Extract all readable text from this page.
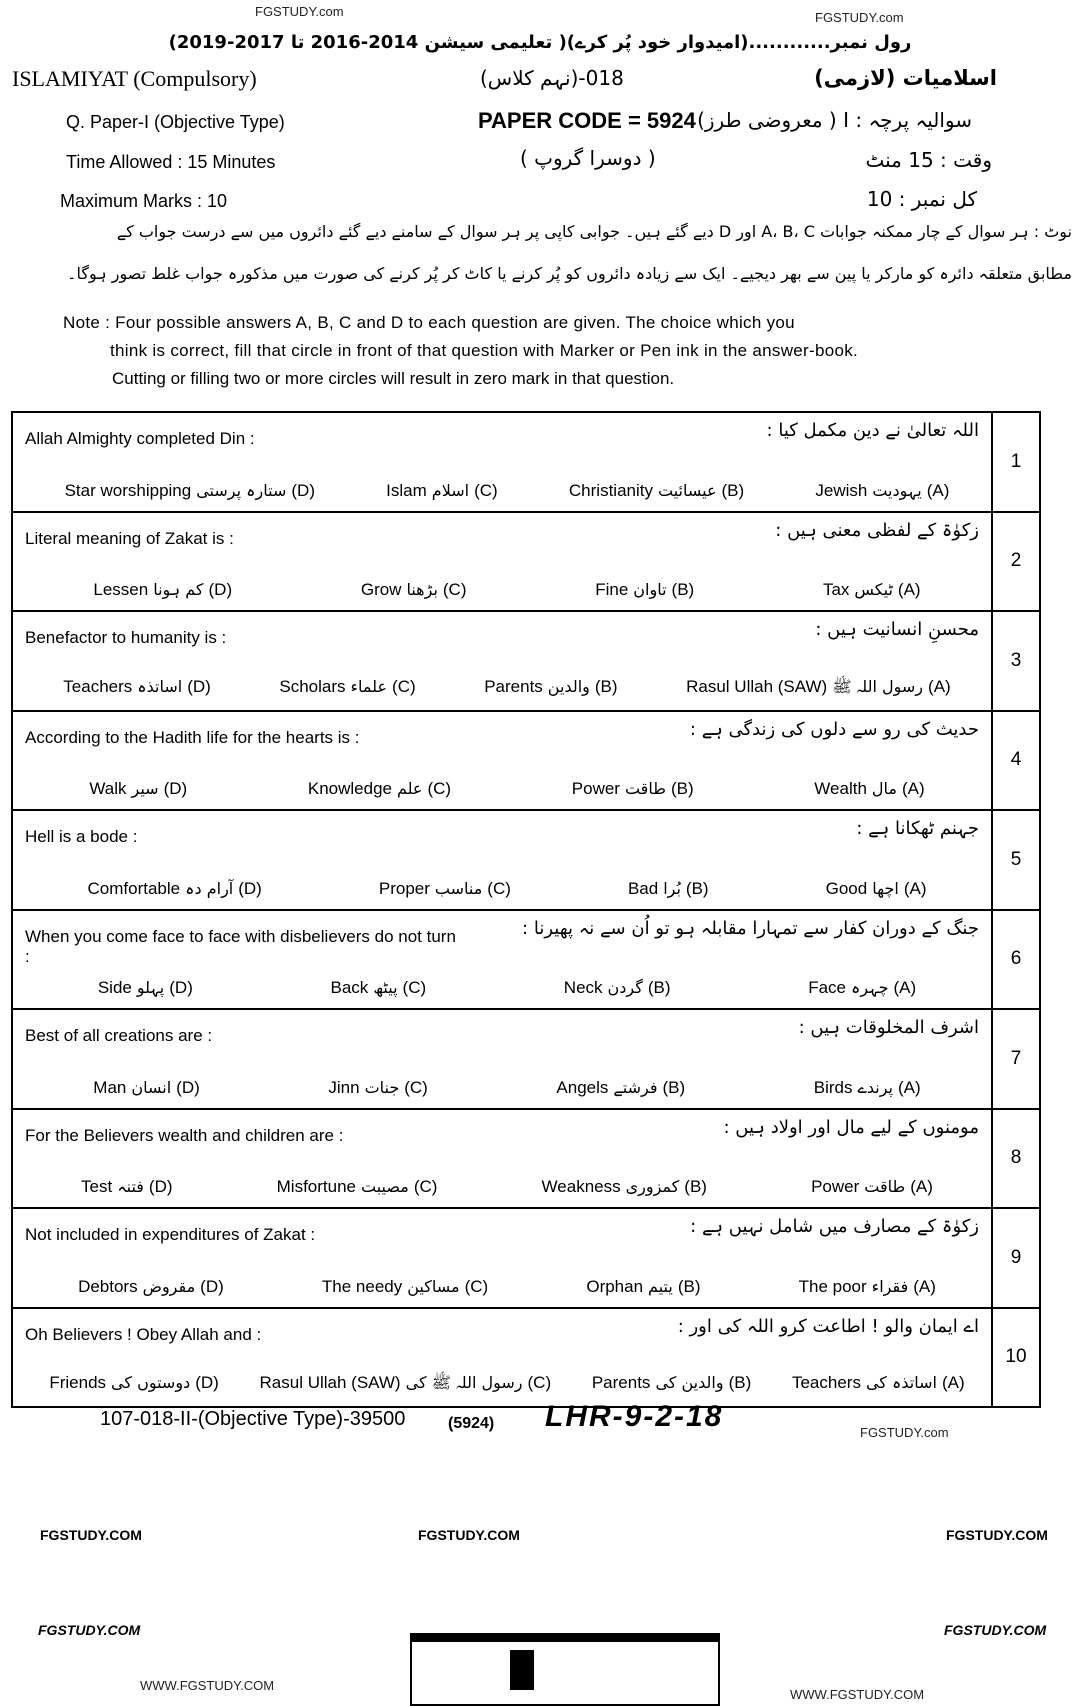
FGSTUDY.com	FGSTUDY.com
رول نمبر............(امیدوار خود پُر کرے)( تعلیمی سیشن 2014-2016 تا 2017-2019)
ISLAMIYAT (Compulsory)	018-(نہم کلاس)	اسلامیات (لازمی)
Q. Paper-I (Objective Type)	PAPER CODE = 5924 سوالیہ پرچہ : I ( معروضی طرز)
Time Allowed : 15 Minutes	( دوسرا گروپ )	وقت : 15 منٹ
Maximum Marks : 10	کل نمبر : 10
نوٹ : ہر سوال کے چار ممکنہ جوابات A، B، C اور D دیے گئے ہیں۔ جوابی کاپی پر ہر سوال کے سامنے دیے گئے دائروں میں سے درست جواب کے
مطابق متعلقہ دائرہ کو مارکر یا پین سے بھر دیجیے۔ ایک سے زیادہ دائروں کو پُر کرنے یا کاٹ کر پُر کرنے کی صورت میں مذکورہ جواب غلط تصور ہوگا۔
Note : Four possible answers A, B, C and D to each question are given. The choice which you
think is correct, fill that circle in front of that question with Marker or Pen ink in the answer-book.
Cutting or filling two or more circles will result in zero mark in that question.
Allah Almighty completed Din :	اللہ تعالیٰ نے دین مکمل کیا :
Star worshipping ستارہ پرستی (D)	Islam اسلام (C)	Christianity عیسائیت (B)	Jewish یہودیت (A)
1
Literal meaning of Zakat is :	زکوٰۃ کے لفظی معنی ہیں :
Lessen کم ہونا (D)	Grow بڑھنا (C)	Fine تاوان (B)	Tax ٹیکس (A)
2
Benefactor to humanity is :	محسنِ انسانیت ہیں :
Teachers اساتذہ (D)	Scholars علماء (C)	Parents والدین (B)	Rasul Ullah (SAW) رسول اللہ ﷺ (A)
3
According to the Hadith life for the hearts is :	حدیث کی رو سے دلوں کی زندگی ہے :
Walk سیر (D)	Knowledge علم (C)	Power طاقت (B)	Wealth مال (A)
4
Hell is a bode :	جہنم ٹھکانا ہے :
Comfortable آرام دہ (D)	Proper مناسب (C)	Bad بُرا (B)	Good اچھا (A)
5
When you come face to face with disbelievers do not turn :
جنگ کے دوران کفار سے تمہارا مقابلہ ہو تو اُن سے نہ پھیرنا :
Side پہلو (D)	Back پیٹھ (C)	Neck گردن (B)	Face چہرہ (A)
6
Best of all creations are :	اشرف المخلوقات ہیں :
Man انسان (D)	Jinn جنات (C)	Angels فرشتے (B)	Birds پرندے (A)
7
For the Believers wealth and children are :	مومنوں کے لیے مال اور اولاد ہیں :
Test فتنہ (D)	Misfortune مصیبت (C)	Weakness کمزوری (B)	Power طاقت (A)
8
Not included in expenditures of Zakat :	زکوٰۃ کے مصارف میں شامل نہیں ہے :
Debtors مقروض (D)	The needy مساکین (C)	Orphan یتیم (B)	The poor فقراء (A)
9
Oh Believers ! Obey Allah and :	اے ایمان والو ! اطاعت کرو اللہ کی اور :
Friends دوستوں کی (D) Rasul Ullah (SAW) رسول اللہ ﷺ کی (C) Parents والدین کی (B) Teachers اساتذہ کی (A)
10
107-018-II-(Objective Type)-39500	(5924) LHR-9-2-18	FGSTUDY.com
FGSTUDY.COM	FGSTUDY.COM	FGSTUDY.COM
FGSTUDY.COM	FGSTUDY.COM
WWW.FGSTUDY.COM
WWW.FGSTUDY.COM
